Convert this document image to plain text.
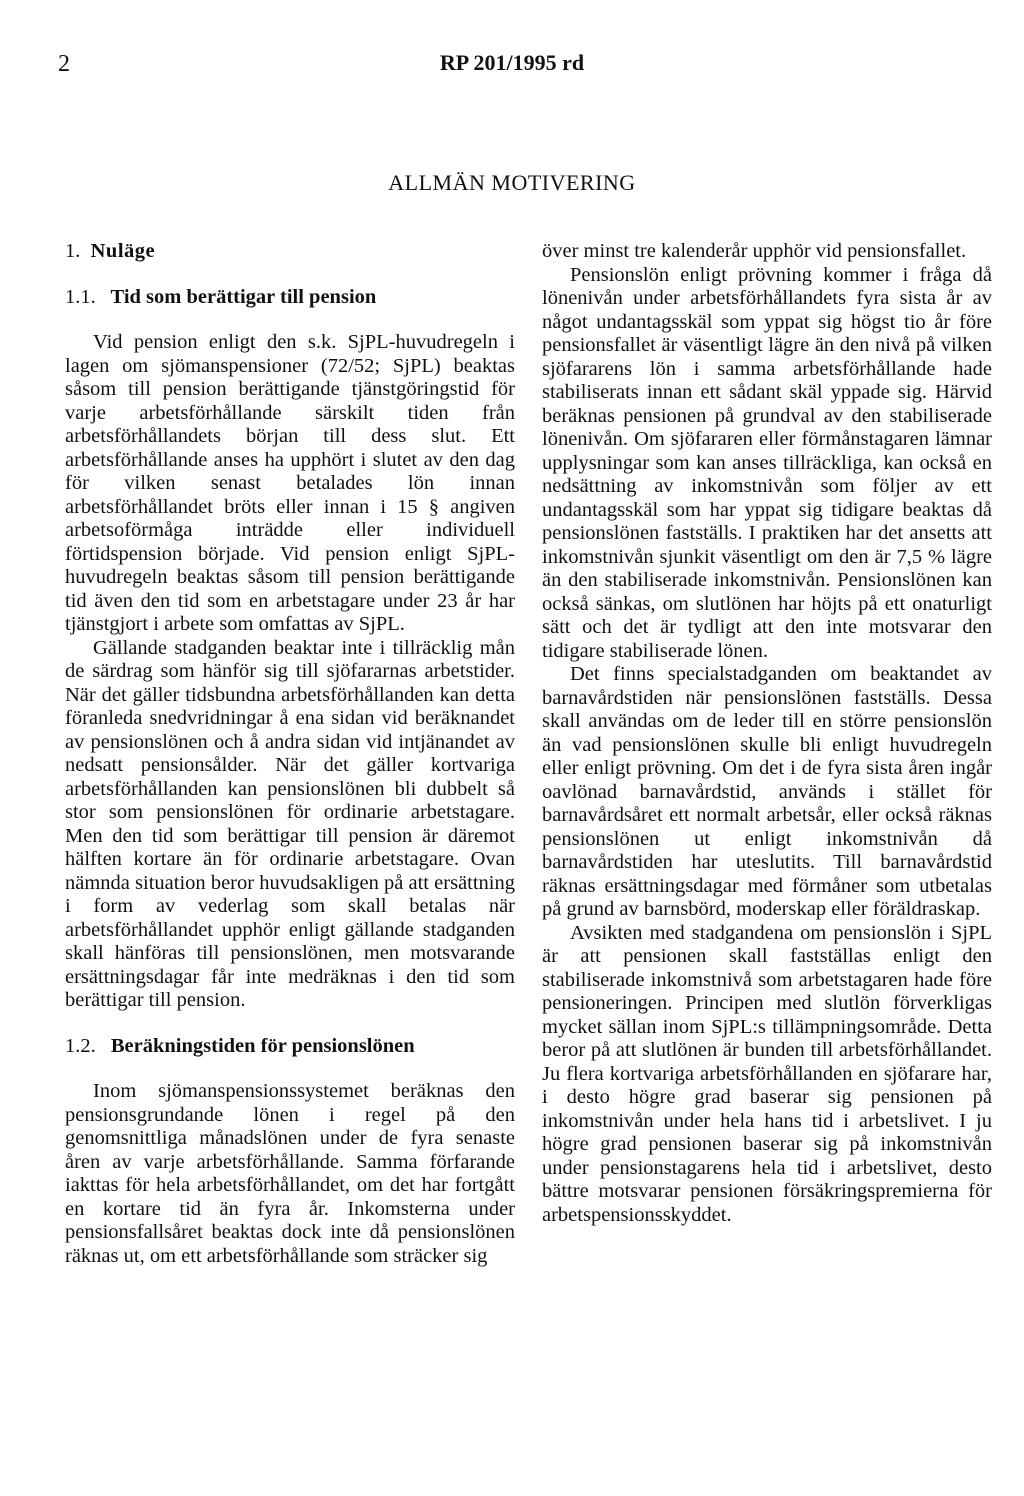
2	RP 201/1995 rd
ALLMÄN MOTIVERING
1. Nuläge
1.1. Tid som berättigar till pension

Vid pension enligt den s.k. SjPL-huvudregeln i lagen om sjömanspensioner (72/52; SjPL) beaktas såsom till pension berättigande tjänstgöringstid för varje arbetsförhållande särskilt tiden från arbetsförhållandets början till dess slut. Ett arbetsförhållande anses ha upphört i slutet av den dag för vilken senast betalades lön innan arbetsförhållandet bröts eller innan i 15 § angiven arbetsoförmåga inträdde eller individuell förtidspension började. Vid pension enligt SjPL-huvudregeln beaktas såsom till pension berättigande tid även den tid som en arbetstagare under 23 år har tjänstgjort i arbete som omfattas av SjPL.

Gällande stadganden beaktar inte i tillräcklig mån de särdrag som hänför sig till sjöfararnas arbetstider. När det gäller tidsbundna arbetsförhållanden kan detta föranleda snedvridningar å ena sidan vid beräknandet av pensionslönen och å andra sidan vid intjänandet av nedsatt pensionsålder. När det gäller kortvariga arbetsförhållanden kan pensionslönen bli dubbelt så stor som pensionslönen för ordinarie arbetstagare. Men den tid som berättigar till pension är däremot hälften kortare än för ordinarie arbetstagare. Ovan nämnda situation beror huvudsakligen på att ersättning i form av vederlag som skall betalas när arbetsförhållandet upphör enligt gällande stadganden skall hänföras till pensionslönen, men motsvarande ersättningsdagar får inte medräknas i den tid som berättigar till pension.

1.2. Beräkningstiden för pensionslönen

Inom sjömanspensionssystemet beräknas den pensionsgrundande lönen i regel på den genomsnittliga månadslönen under de fyra senaste åren av varje arbetsförhållande. Samma förfarande iakttas för hela arbetsförhållandet, om det har fortgått en kortare tid än fyra år. Inkomsterna under pensionsfallsåret beaktas dock inte då pensionslönen räknas ut, om ett arbetsförhållande som sträcker sig

över minst tre kalenderår upphör vid pensionsfallet.

Pensionslön enligt prövning kommer i fråga då lönenivån under arbetsförhållandets fyra sista år av något undantagsskäl som yppat sig högst tio år före pensionsfallet är väsentligt lägre än den nivå på vilken sjöfararens lön i samma arbetsförhållande hade stabiliserats innan ett sådant skäl yppade sig. Härvid beräknas pensionen på grundval av den stabiliserade lönenivån. Om sjöfararen eller förmånstagaren lämnar upplysningar som kan anses tillräckliga, kan också en nedsättning av inkomstnivån som följer av ett undantagsskäl som har yppat sig tidigare beaktas då pensionslönen fastställs. I praktiken har det ansetts att inkomstnivån sjunkit väsentligt om den är 7,5 % lägre än den stabiliserade inkomstnivån. Pensionslönen kan också sänkas, om slutlönen har höjts på ett onaturligt sätt och det är tydligt att den inte motsvarar den tidigare stabiliserade lönen.

Det finns specialstadganden om beaktandet av barnavårdstiden när pensionslönen fastställs. Dessa skall användas om de leder till en större pensionslön än vad pensionslönen skulle bli enligt huvudregeln eller enligt prövning. Om det i de fyra sista åren ingår oavlönad barnavårdstid, används i stället för barnavårdsåret ett normalt arbetsår, eller också räknas pensionslönen ut enligt inkomstnivån då barnavårdstiden har uteslutits. Till barnavårdstid räknas ersättningsdagar med förmåner som utbetalas på grund av barnsbörd, moderskap eller föräldraskap.

Avsikten med stadgandena om pensionslön i SjPL är att pensionen skall fastställas enligt den stabiliserade inkomstnivå som arbetstagaren hade före pensioneringen. Principen med slutlön förverkligas mycket sällan inom SjPL:s tillämpningsområde. Detta beror på att slutlönen är bunden till arbetsförhållandet. Ju flera kortvariga arbetsförhållanden en sjöfarare har, i desto högre grad baserar sig pensionen på inkomstnivån under hela hans tid i arbetslivet. I ju högre grad pensionen baserar sig på inkomstnivån under pensionstagarens hela tid i arbetslivet, desto bättre motsvarar pensionen försäkringspremierna för arbetspensionsskyddet.
